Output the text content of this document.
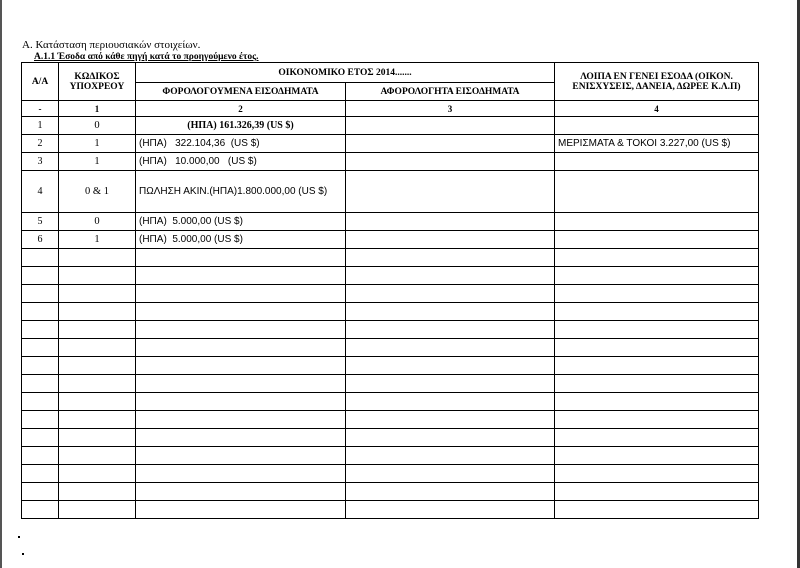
Α. Κατάσταση περιουσιακών στοιχείων.
Α.1.1 Έσοδα από κάθε πηγή κατά το προηγούμενο έτος.
Α/Α	ΚΩΔΙΚΟΣ ΥΠΟΧΡΕΟΥ	ΟΙΚΟΝΟΜΙΚΟ ΕΤΟΣ 2014.......		ΛΟΙΠΑ ΕΝ ΓΕΝΕΙ ΕΣΟΔΑ (ΟΙΚΟΝ. ΕΝΙΣΧΥΣΕΙΣ, ΔΑΝΕΙΑ, ΔΩΡΕΕ Κ.Λ.Π)
		ΦΟΡΟΛΟΓΟΥΜΕΝΑ ΕΙΣΟΔΗΜΑΤΑ	ΑΦΟΡΟΛΟΓΗΤΑ ΕΙΣΟΔΗΜΑΤΑ	
-	1	2	3	4
1	0	(ΗΠΑ) 161.326,39 (US $)		
2	1	(ΗΠΑ)   322.104,36  (US $)		ΜΕΡΙΣΜΑΤΑ & ΤΟΚΟΙ 3.227,00 (US $)
3	1	(ΗΠΑ)   10.000,00   (US $)		
4	0 & 1	ΠΩΛΗΣΗ ΑΚΙΝ.(ΗΠΑ)1.800.000,00 (US $)		
5	0	(ΗΠΑ)  5.000,00 (US $)		
6	1	(ΗΠΑ)  5.000,00 (US $)		
